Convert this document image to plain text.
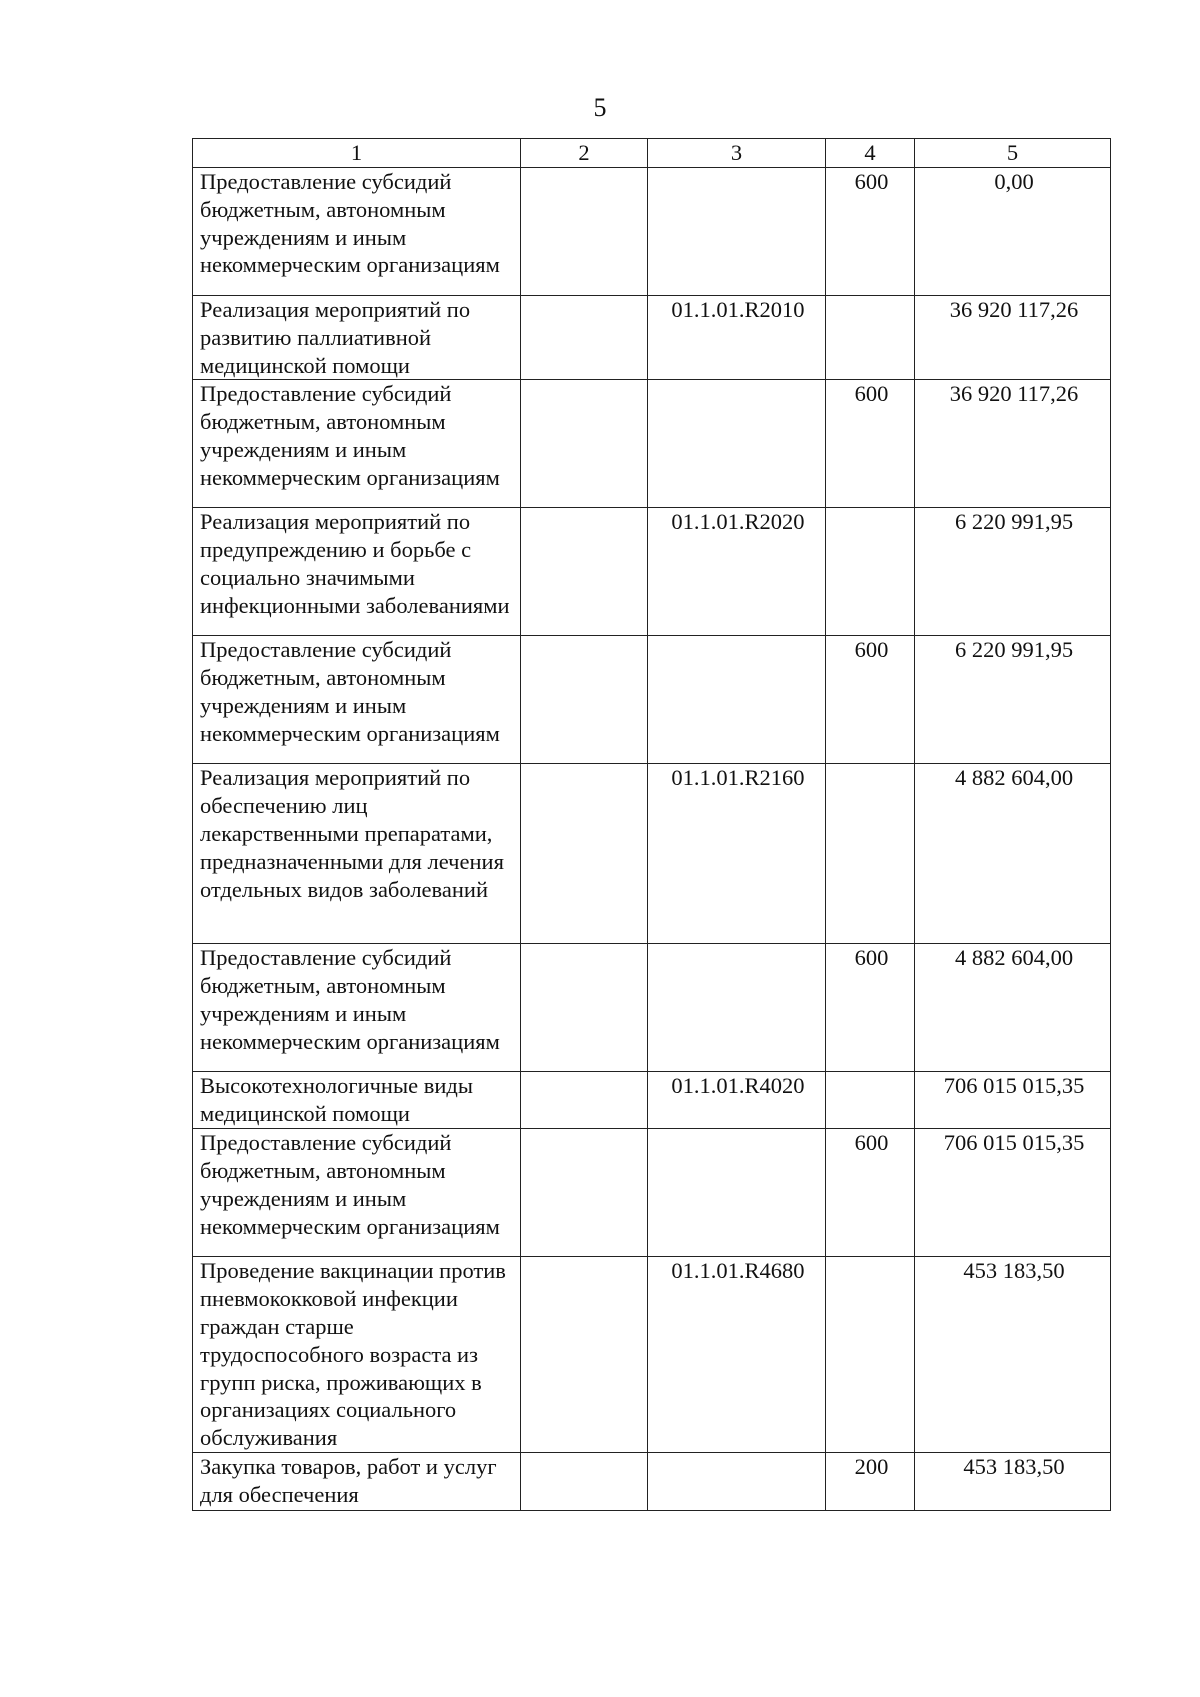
5
1	2	3	4	5
Предоставление субсидий бюджетным, автономным учреждениям и иным некоммерческим организациям			600	0,00
Реализация мероприятий по развитию паллиативной медицинской помощи		01.1.01.R2010		36 920 117,26
Предоставление субсидий бюджетным, автономным учреждениям и иным некоммерческим организациям			600	36 920 117,26
Реализация мероприятий по предупреждению и борьбе с социально значимыми инфекционными заболеваниями		01.1.01.R2020		6 220 991,95
Предоставление субсидий бюджетным, автономным учреждениям и иным некоммерческим организациям			600	6 220 991,95
Реализация мероприятий по обеспечению лиц лекарственными препаратами, предназначенными для лечения отдельных видов заболеваний		01.1.01.R2160		4 882 604,00
Предоставление субсидий бюджетным, автономным учреждениям и иным некоммерческим организациям			600	4 882 604,00
Высокотехнологичные виды медицинской помощи		01.1.01.R4020		706 015 015,35
Предоставление субсидий бюджетным, автономным учреждениям и иным некоммерческим организациям			600	706 015 015,35
Проведение вакцинации против пневмококковой инфекции граждан старше трудоспособного возраста из групп риска, проживающих в организациях социального обслуживания		01.1.01.R4680		453 183,50
Закупка товаров, работ и услуг для обеспечения			200	453 183,50
